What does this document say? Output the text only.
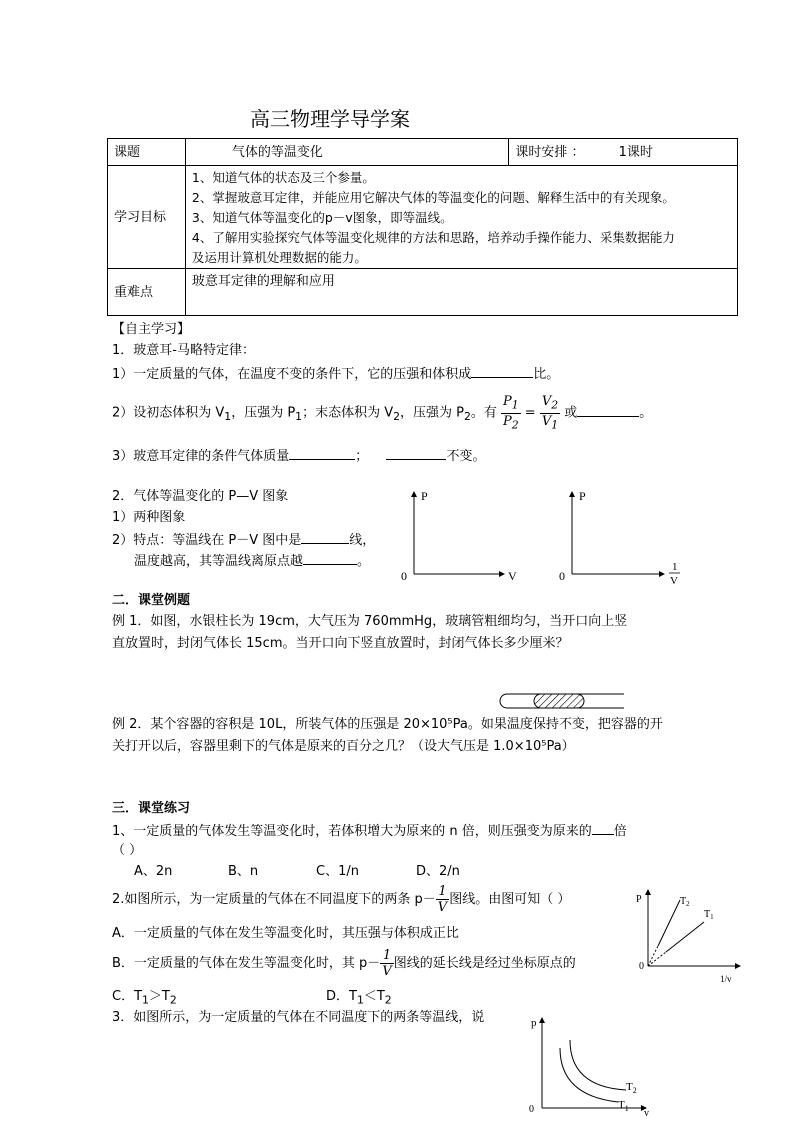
高三物理学导学案
课题	气体的等温变化	课时安排 ： 1课时
学习目标	1、知道气体的状态及三个参量。
2、掌握玻意耳定律，并能应用它解决气体的等温变化的问题、解释生活中的有关现象。
3、知道气体等温变化的p－v图象，即等温线。
4、了解用实验探究气体等温变化规律的方法和思路，培养动手操作能力、采集数据能力
及运用计算机处理数据的能力。	

重难点	玻意耳定律的理解和应用	
【自主学习】
1．玻意耳-马略特定律：
1）一定质量的气体，在温度不变的条件下，它的压强和体积成	比。
2）设初态体积为 $V_1$，压强为 $P_1$；末态体积为 $V_2$，压强为 $P_2$。有 $\frac{P_1}{P_2} = \frac{V_2}{V_1}$ 或	。
3）玻意耳定律的条件气体质量	；	不变。
2．气体等温变化的 P—V 图象
1）两种图象
2）特点：等温线在 P－V 图中是	线，
温度越高，其等温线离原点越	。
P
V
0
P
1
V
0
二．课堂例题
例 1．如图，水银柱长为 19cm，大气压为 760mmHg，玻璃管粗细均匀，当开口向上竖
直放置时，封闭气体长 15cm。当开口向下竖直放置时，封闭气体长多少厘米？
例 2．某个容器的容积是 10L，所装气体的压强是 20×10⁵Pa。如果温度保持不变，把容器的开
关打开以后，容器里剩下的气体是原来的百分之几？（设大气压是 1.0×10⁵Pa）
三．课堂练习
1、一定质量的气体发生等温变化时，若体积增大为原来的 n 倍，则压强变为原来的 倍
（ ）
A、2n	B、n	C、1/n	D、2/n
2.如图所示，为一定质量的气体在不同温度下的两条 $p- \frac{1}{V}$ 图线。由图可知（ ）
A．一定质量的气体在发生等温变化时，其压强与体积成正比
B．一定质量的气体在发生等温变化时，其 $p- \frac{1}{V}$ 图线的延长线是经过坐标原点的
C．$T_1>T_2$	D．$T_1<T_2$
3．如图所示，为一定质量的气体在不同温度下的两条等温线，说
P
0
1/v
$T_2$
$T_1$
p
0	v
$T_2$
$T_1$
